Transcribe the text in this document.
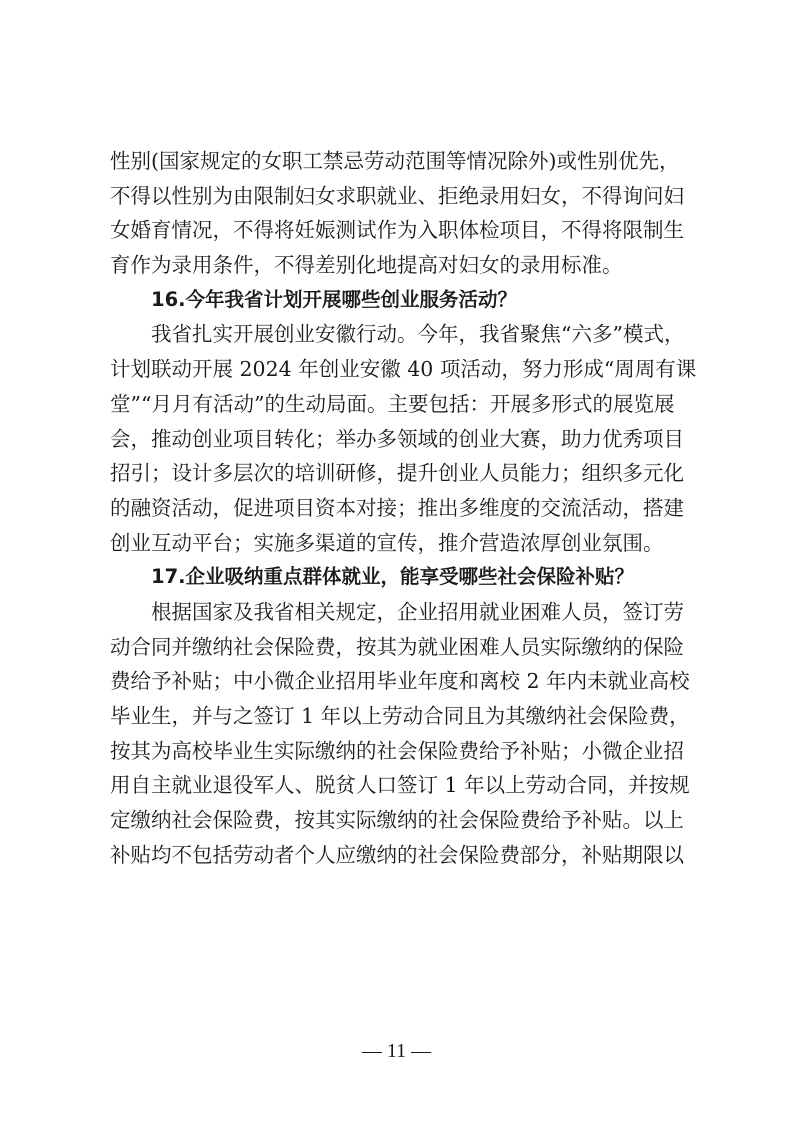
性别(国家规定的女职工禁忌劳动范围等情况除外)或性别优先，
不得以性别为由限制妇女求职就业、拒绝录用妇女，不得询问妇
女婚育情况，不得将妊娠测试作为入职体检项目，不得将限制生
育作为录用条件，不得差别化地提高对妇女的录用标准。
16.今年我省计划开展哪些创业服务活动？
我省扎实开展创业安徽行动。今年，我省聚焦“六多”模式，
计划联动开展 2024 年创业安徽 40 项活动，努力形成“周周有课
堂”“月月有活动”的生动局面。主要包括：开展多形式的展览展
会，推动创业项目转化；举办多领域的创业大赛，助力优秀项目
招引；设计多层次的培训研修，提升创业人员能力；组织多元化
的融资活动，促进项目资本对接；推出多维度的交流活动，搭建
创业互动平台；实施多渠道的宣传，推介营造浓厚创业氛围。
17.企业吸纳重点群体就业，能享受哪些社会保险补贴？
根据国家及我省相关规定，企业招用就业困难人员，签订劳
动合同并缴纳社会保险费，按其为就业困难人员实际缴纳的保险
费给予补贴；中小微企业招用毕业年度和离校 2 年内未就业高校
毕业生，并与之签订 1 年以上劳动合同且为其缴纳社会保险费，
按其为高校毕业生实际缴纳的社会保险费给予补贴；小微企业招
用自主就业退役军人、脱贫人口签订 1 年以上劳动合同，并按规
定缴纳社会保险费，按其实际缴纳的社会保险费给予补贴。以上
补贴均不包括劳动者个人应缴纳的社会保险费部分，补贴期限以
— 11 —
